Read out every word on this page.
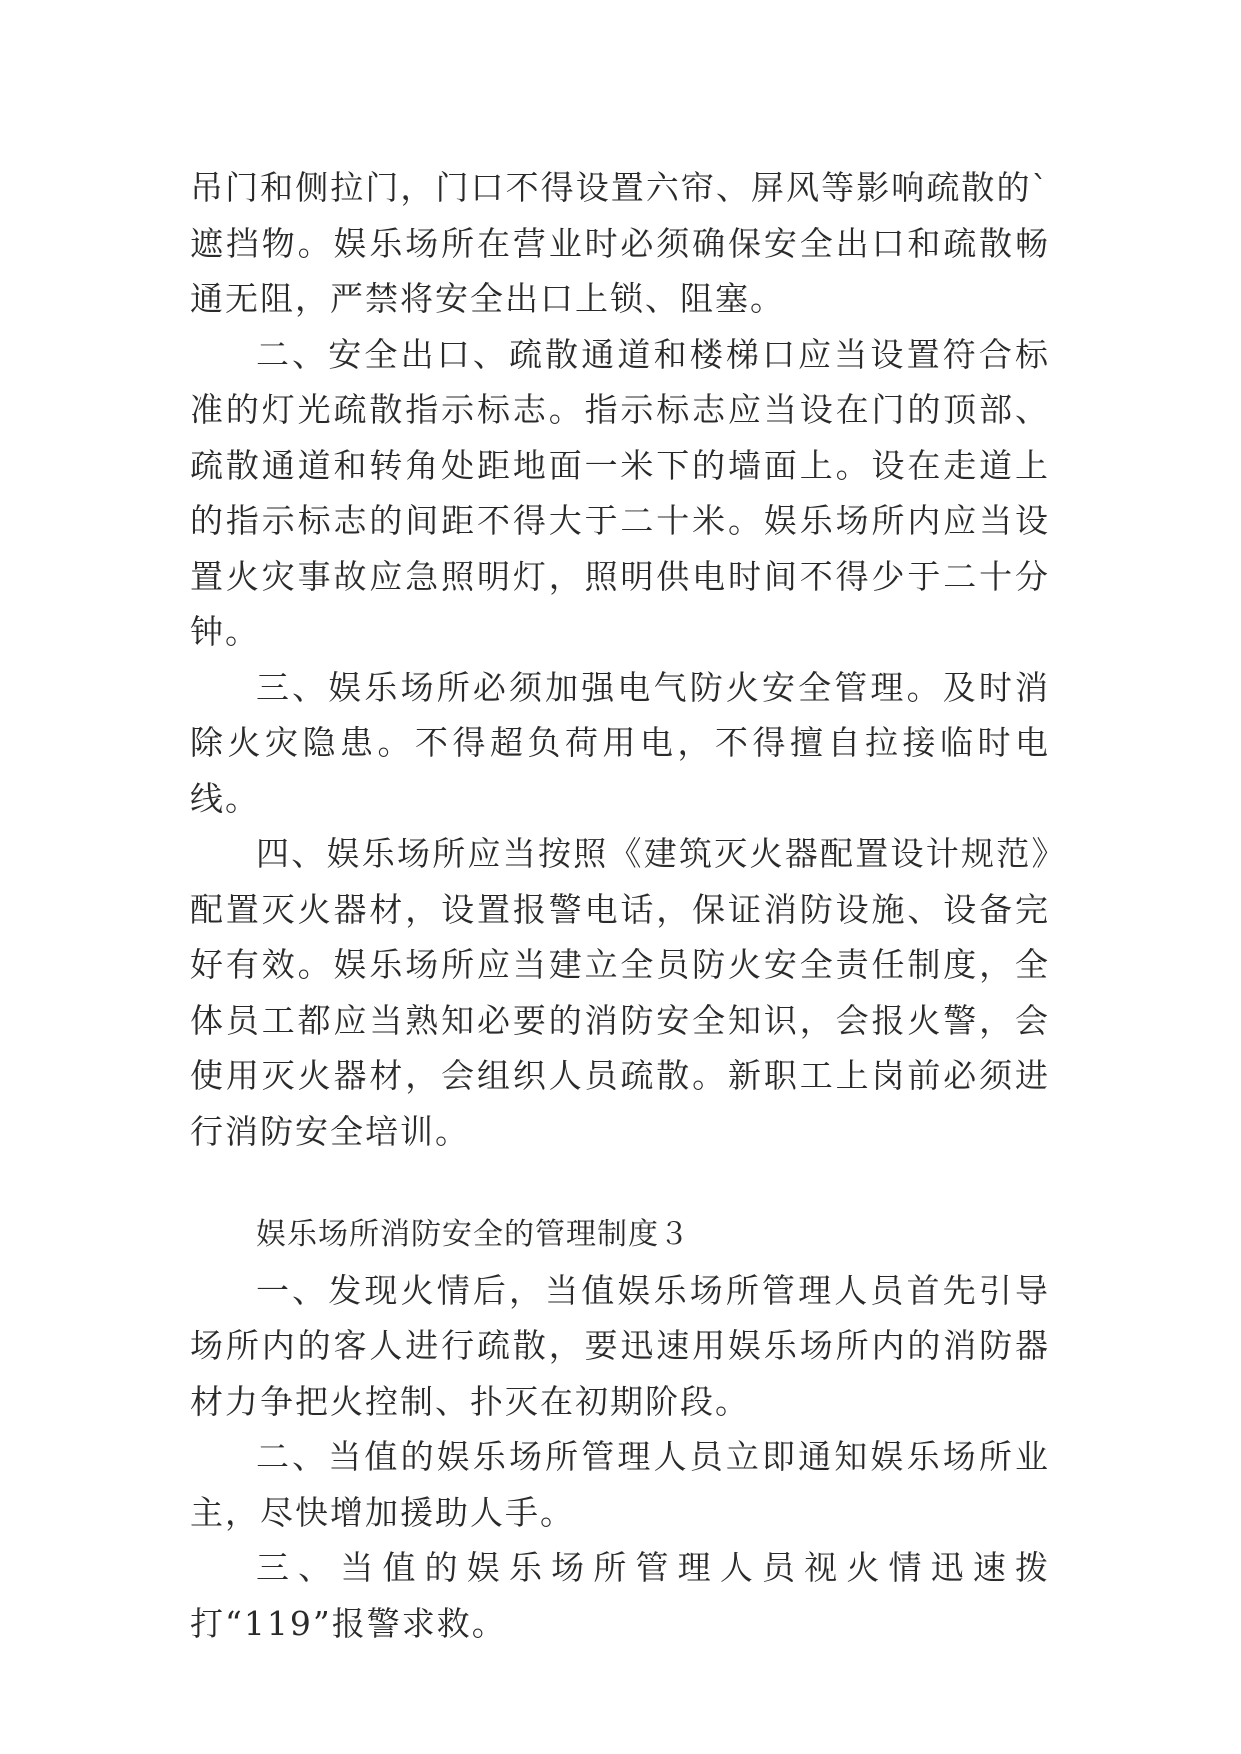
吊门和侧拉门，门口不得设置六帘、屏风等影响疏散的`遮挡物。娱乐场所在营业时必须确保安全出口和疏散畅通无阻，严禁将安全出口上锁、阻塞。

二、安全出口、疏散通道和楼梯口应当设置符合标准的灯光疏散指示标志。指示标志应当设在门的顶部、疏散通道和转角处距地面一米下的墙面上。设在走道上的指示标志的间距不得大于二十米。娱乐场所内应当设置火灾事故应急照明灯，照明供电时间不得少于二十分钟。

三、娱乐场所必须加强电气防火安全管理。及时消除火灾隐患。不得超负荷用电，不得擅自拉接临时电线。

四、娱乐场所应当按照《建筑灭火器配置设计规范》配置灭火器材，设置报警电话，保证消防设施、设备完好有效。娱乐场所应当建立全员防火安全责任制度，全体员工都应当熟知必要的消防安全知识，会报火警，会使用灭火器材，会组织人员疏散。新职工上岗前必须进行消防安全培训。

娱乐场所消防安全的管理制度３

一、发现火情后，当值娱乐场所管理人员首先引导场所内的客人进行疏散，要迅速用娱乐场所内的消防器材力争把火控制、扑灭在初期阶段。

二、当值的娱乐场所管理人员立即通知娱乐场所业主，尽快增加援助人手。

三、当值的娱乐场所管理人员视火情迅速拨打“119”报警求救。
